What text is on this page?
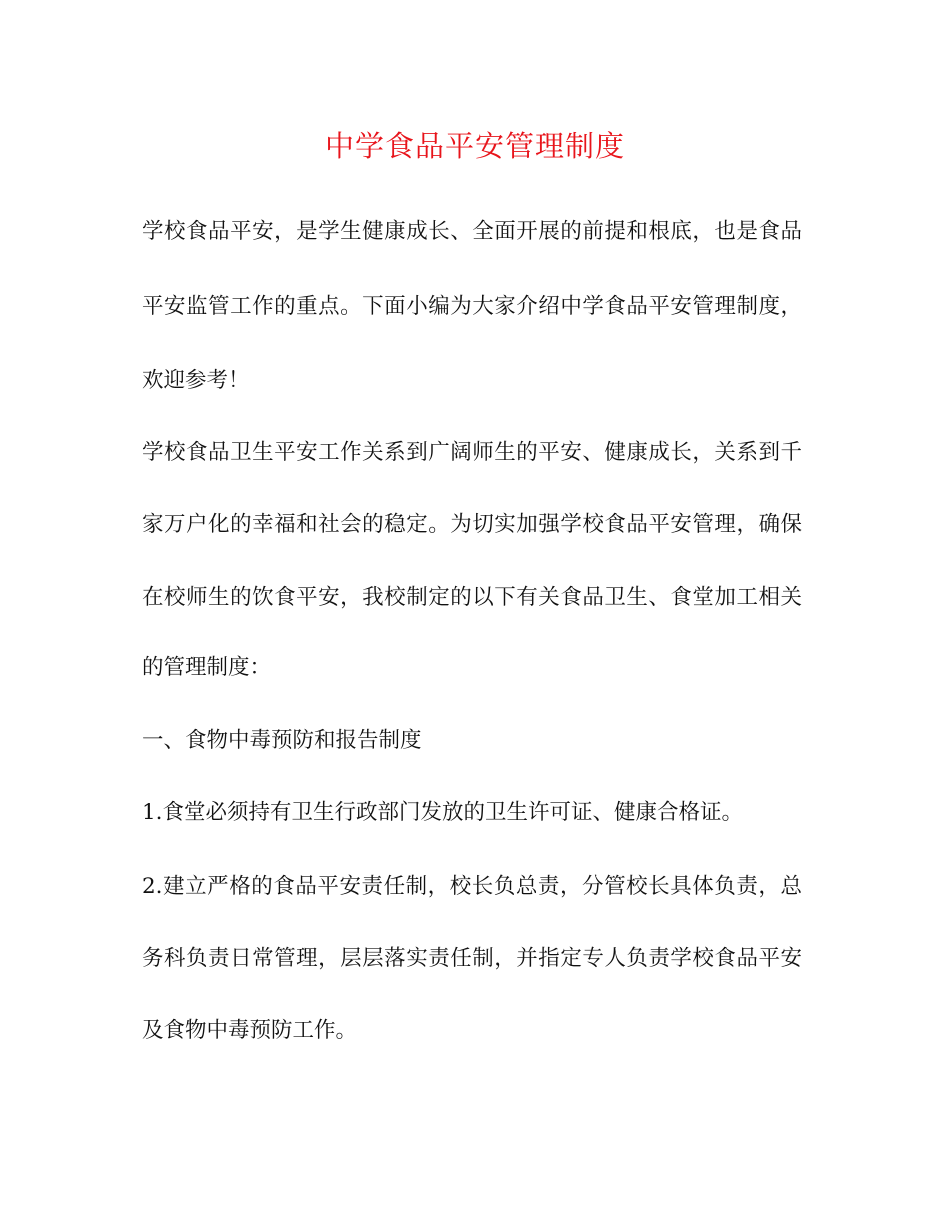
中学食品平安管理制度

学校食品平安，是学生健康成长、全面开展的前提和根底，也是食品

平安监管工作的重点。下面小编为大家介绍中学食品平安管理制度，

欢迎参考！

学校食品卫生平安工作关系到广阔师生的平安、健康成长，关系到千

家万户化的幸福和社会的稳定。为切实加强学校食品平安管理，确保

在校师生的饮食平安，我校制定的以下有关食品卫生、食堂加工相关

的管理制度：

一、食物中毒预防和报告制度

1.食堂必须持有卫生行政部门发放的卫生许可证、健康合格证。

2.建立严格的食品平安责任制，校长负总责，分管校长具体负责，总

务科负责日常管理，层层落实责任制，并指定专人负责学校食品平安

及食物中毒预防工作。
